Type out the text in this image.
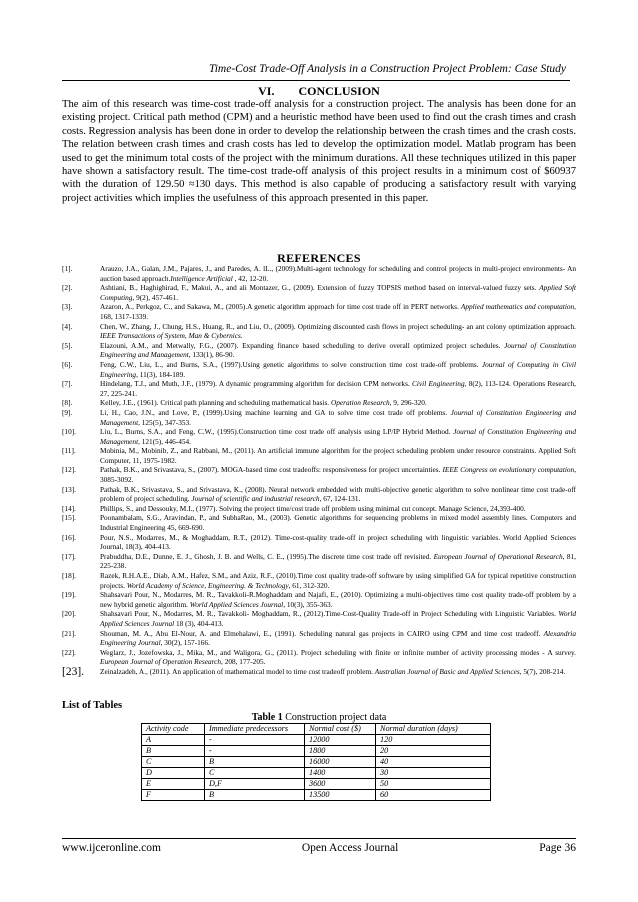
Time-Cost Trade-Off Analysis in a Construction Project Problem: Case Study
VI. CONCLUSION
The aim of this research was time-cost trade-off analysis for a construction project. The analysis has been done for an existing project. Critical path method (CPM) and a heuristic method have been used to find out the crash times and crash costs. Regression analysis has been done in order to develop the relationship between the crash times and the crash costs. The relation between crash times and crash costs has led to develop the optimization model. Matlab program has been used to get the minimum total costs of the project with the minimum durations. All these techniques utilized in this paper have shown a satisfactory result. The time-cost trade-off analysis of this project results in a minimum cost of $60937 with the duration of 129.50 ≈130 days. This method is also capable of producing a satisfactory result with varying project activities which implies the usefulness of this approach presented in this paper.
REFERENCES
[1].	Arauzo, J.A., Galan, J.M., Pajares, J., and Paredes, A. lL., (2009).Multi-agent technology for scheduling and control projects in multi-project environments- An auction based approach.Intelligence Artificial , 42, 12-20.
[2].	Ashtiani, B., Haghighirad, F., Makui, A., and ali Montazer, G., (2009). Extension of fuzzy TOPSIS method based on interval-valued fuzzy sets. Applied Soft Computing, 9(2), 457-461.
[3].	Azaron, A., Perkgoz, C., and Sakawa, M., (2005).A genetic algorithm approach for time cost trade off in PERT networks. Applied mathematics and computation, 168, 1317-1339.
[4].	Chen, W., Zhang, J., Chung, H.S., Huang, R., and Liu, O., (2009). Optimizing discounted cash flows in project scheduling- an ant colony optimization approach. IEEE Transactions of System, Man & Cybernics.
[5].	Elazouni, A.M., and Metwally, F.G., (2007). Expanding finance based scheduling to derive overall optimized project schedules. Journal of Constitution Engineering and Management, 133(1), 86-90.
[6].	Feng, C.W., Liu, L., and Burns, S.A., (1997).Using genetic algorithms to solve construction time cost trade-off problems. Journal of Computing in Civil Engineering, 11(3), 184-189.
[7].	Hindelang, T.J., and Muth, J.F., (1979). A dynamic programming algorithm for decision CPM networks. Civil Engineering, 8(2), 113-124. Operations Research, 27, 225-241.
[8].	Kelley, J.E., (1961). Critical path planning and scheduling mathematical basis. Operation Research, 9, 296-320.
[9].	Li, H., Cao, J.N., and Love, P., (1999).Using machine learning and GA to solve time cost trade off problems. Journal of Constitution Engineering and Management, 125(5), 347-353.
[10].	Liu, L., Burns, S.A., and Feng, C.W., (1995).Construction time cost trade off analysis using LP/IP Hybrid Method. Journal of Constitution Engineering and Management, 121(5), 446-454.
[11].	Mobinia, M., Mobinib, Z., and Rabbani, M., (2011). An artificial immune algorithm for the project scheduling problem under resource constraints. Applied Soft Computer, 11, 1975-1982.
[12].	Pathak, B.K., and Srivastava, S., (2007). MOGA-based time cost tradeoffs: responsiveness for project uncertainties. IEEE Congress on evolutionary computation, 3085-3092.
[13].	Pathak, B.K., Srivastava, S., and Srivastava, K., (2008). Neural network embedded with multi-objective genetic algorithm to solve nonlinear time cost trade-off problem of project scheduling. Journal of scientific and industrial research, 67, 124-131.
[14].	Phillips, S., and Dessouky, M.I., (1977). Solving the project time/cost trade off problem using minimal cut concept. Manage Science, 24,393-400.
[15].	Poonambalam, S.G., Aravindan, P., and SubhaRao, M., (2003). Genetic algorithms for sequencing problems in mixed model assembly lines. Computers and Industrial Engineering 45, 669-690.
[16].	Pour, N.S., Modarres, M., & Moghaddam, R.T., (2012). Time-cost-quality trade-off in project scheduling with linguistic variables. World Applied Sciences Journal, 18(3), 404-413.
[17].	Prabuddha, D.E., Dunne, E. J., Ghosh, J. B. and Wells, C. E., (1995).The discrete time cost trade off revisited. European Journal of Operational Research, 81, 225-238.
[18].	Razek, R.H.A.E., Diab, A.M., Hafez, S.M., and Aziz, R.F., (2010).Time cost quality trade-off software by using simplified GA for typical repetitive construction projects. World Academy of Science, Engineering. & Technology, 61, 312-320.
[19].	Shahsavari Pour, N., Modarres, M. R., Tavakkoli-R.Moghaddam and Najafi, E., (2010). Optimizing a multi-objectives time cost quality trade-off problem by a new hybrid genetic algorithm. World Applied Sciences Journal, 10(3), 355-363.
[20].	Shahsavari Pour, N., Modarres, M. R., Tavakkoli- Moghaddam, R., (2012).Time-Cost-Quality Trade-off in Project Scheduling with Linguistic Variables. World Applied Sciences Journal 18 (3), 404-413.
[21].	Shouman, M. A., Abu El-Nour, A. and Elmehalawi, E., (1991). Scheduling natural gas projects in CAIRO using CPM and time cost tradeoff. Alexandria Engineering Journal, 30(2), 157-166.
[22].	Weglarz, J., Jozefowska, J., Mika, M., and Waligora, G., (2011). Project scheduling with finite or infinite number of activity processing modes - A survey. European Journal of Operation Research, 208, 177-205.
[23].	Zeinalzadeh, A., (2011). An application of mathematical model to time cost tradeoff problem. Australian Journal of Basic and Applied Sciences, 5(7), 208-214.
List of Tables
Table 1 Construction project data
Activity code	Immediate predecessors	Normal cost ($)	Normal duration (days)
A	-	12000	120
B	-	1800	20
C	B	16000	40
D	C	1400	30
E	D,F	3600	50
F	B	13500	60
www.ijceronline.com	Open Access Journal	Page 36
